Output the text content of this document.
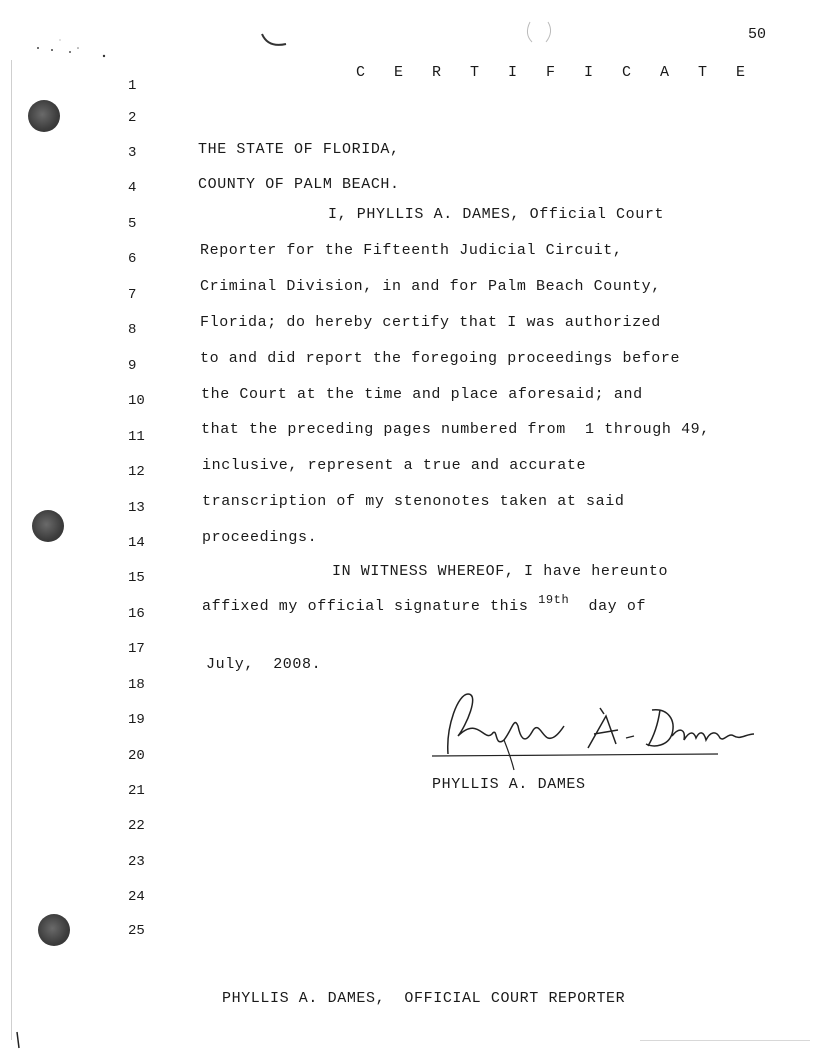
50
C E R T I F I C A T E
1
2
3
4
5
6
7
8
9
10
11
12
13
14
15
16
17
18
19
20
21
22
23
24
25
THE STATE OF FLORIDA,
COUNTY OF PALM BEACH.
I, PHYLLIS A. DAMES, Official Court
Reporter for the Fifteenth Judicial Circuit,
Criminal Division, in and for Palm Beach County,
Florida; do hereby certify that I was authorized
to and did report the foregoing proceedings before
the Court at the time and place aforesaid; and
that the preceding pages numbered from  1 through 49,
inclusive, represent a true and accurate
transcription of my stenonotes taken at said
proceedings.
IN WITNESS WHEREOF, I have hereunto
affixed my official signature this $^{19th}$  day of
July,  2008.
PHYLLIS A. DAMES
PHYLLIS A. DAMES,  OFFICIAL COURT REPORTER
